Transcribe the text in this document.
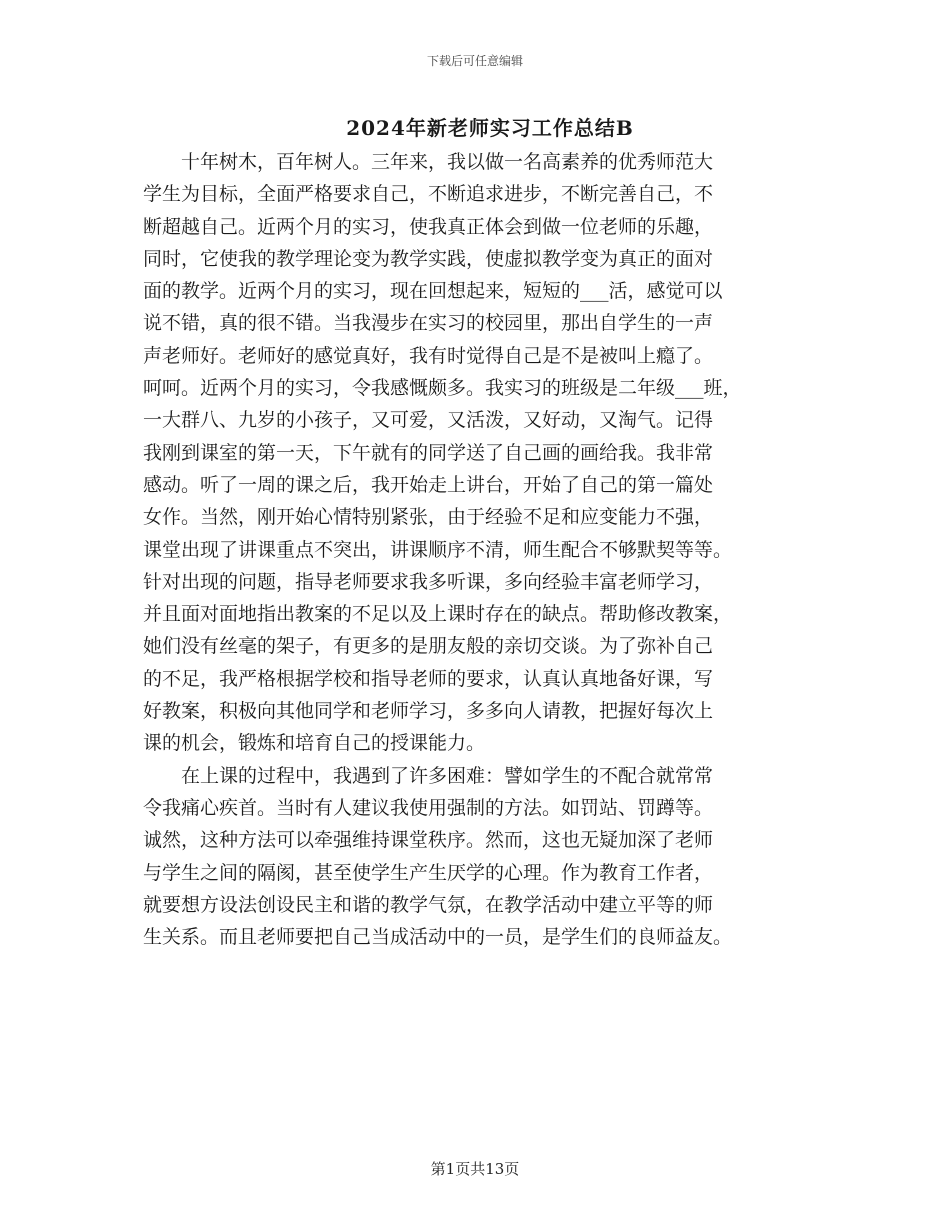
下载后可任意编辑
2024年新老师实习工作总结B

十年树木，百年树人。三年来，我以做一名高素养的优秀师范大
学生为目标，全面严格要求自己，不断追求进步，不断完善自己，不
断超越自己。近两个月的实习，使我真正体会到做一位老师的乐趣，
同时，它使我的教学理论变为教学实践，使虚拟教学变为真正的面对
面的教学。近两个月的实习，现在回想起来，短短的___活，感觉可以
说不错，真的很不错。当我漫步在实习的校园里，那出自学生的一声
声老师好。老师好的感觉真好，我有时觉得自己是不是被叫上瘾了。
呵呵。近两个月的实习，令我感慨颇多。我实习的班级是二年级___班，
一大群八、九岁的小孩子，又可爱，又活泼，又好动，又淘气。记得
我刚到课室的第一天，下午就有的同学送了自己画的画给我。我非常
感动。听了一周的课之后，我开始走上讲台，开始了自己的第一篇处
女作。当然，刚开始心情特别紧张，由于经验不足和应变能力不强，
课堂出现了讲课重点不突出，讲课顺序不清，师生配合不够默契等等。
针对出现的问题，指导老师要求我多听课，多向经验丰富老师学习，
并且面对面地指出教案的不足以及上课时存在的缺点。帮助修改教案，
她们没有丝毫的架子，有更多的是朋友般的亲切交谈。为了弥补自己
的不足，我严格根据学校和指导老师的要求，认真认真地备好课，写
好教案，积极向其他同学和老师学习，多多向人请教，把握好每次上
课的机会，锻炼和培育自己的授课能力。

在上课的过程中，我遇到了许多困难：譬如学生的不配合就常常
令我痛心疾首。当时有人建议我使用强制的方法。如罚站、罚蹲等。
诚然，这种方法可以牵强维持课堂秩序。然而，这也无疑加深了老师
与学生之间的隔阂，甚至使学生产生厌学的心理。作为教育工作者，
就要想方设法创设民主和谐的教学气氛，在教学活动中建立平等的师
生关系。而且老师要把自己当成活动中的一员，是学生们的良师益友。

第1页共13页
